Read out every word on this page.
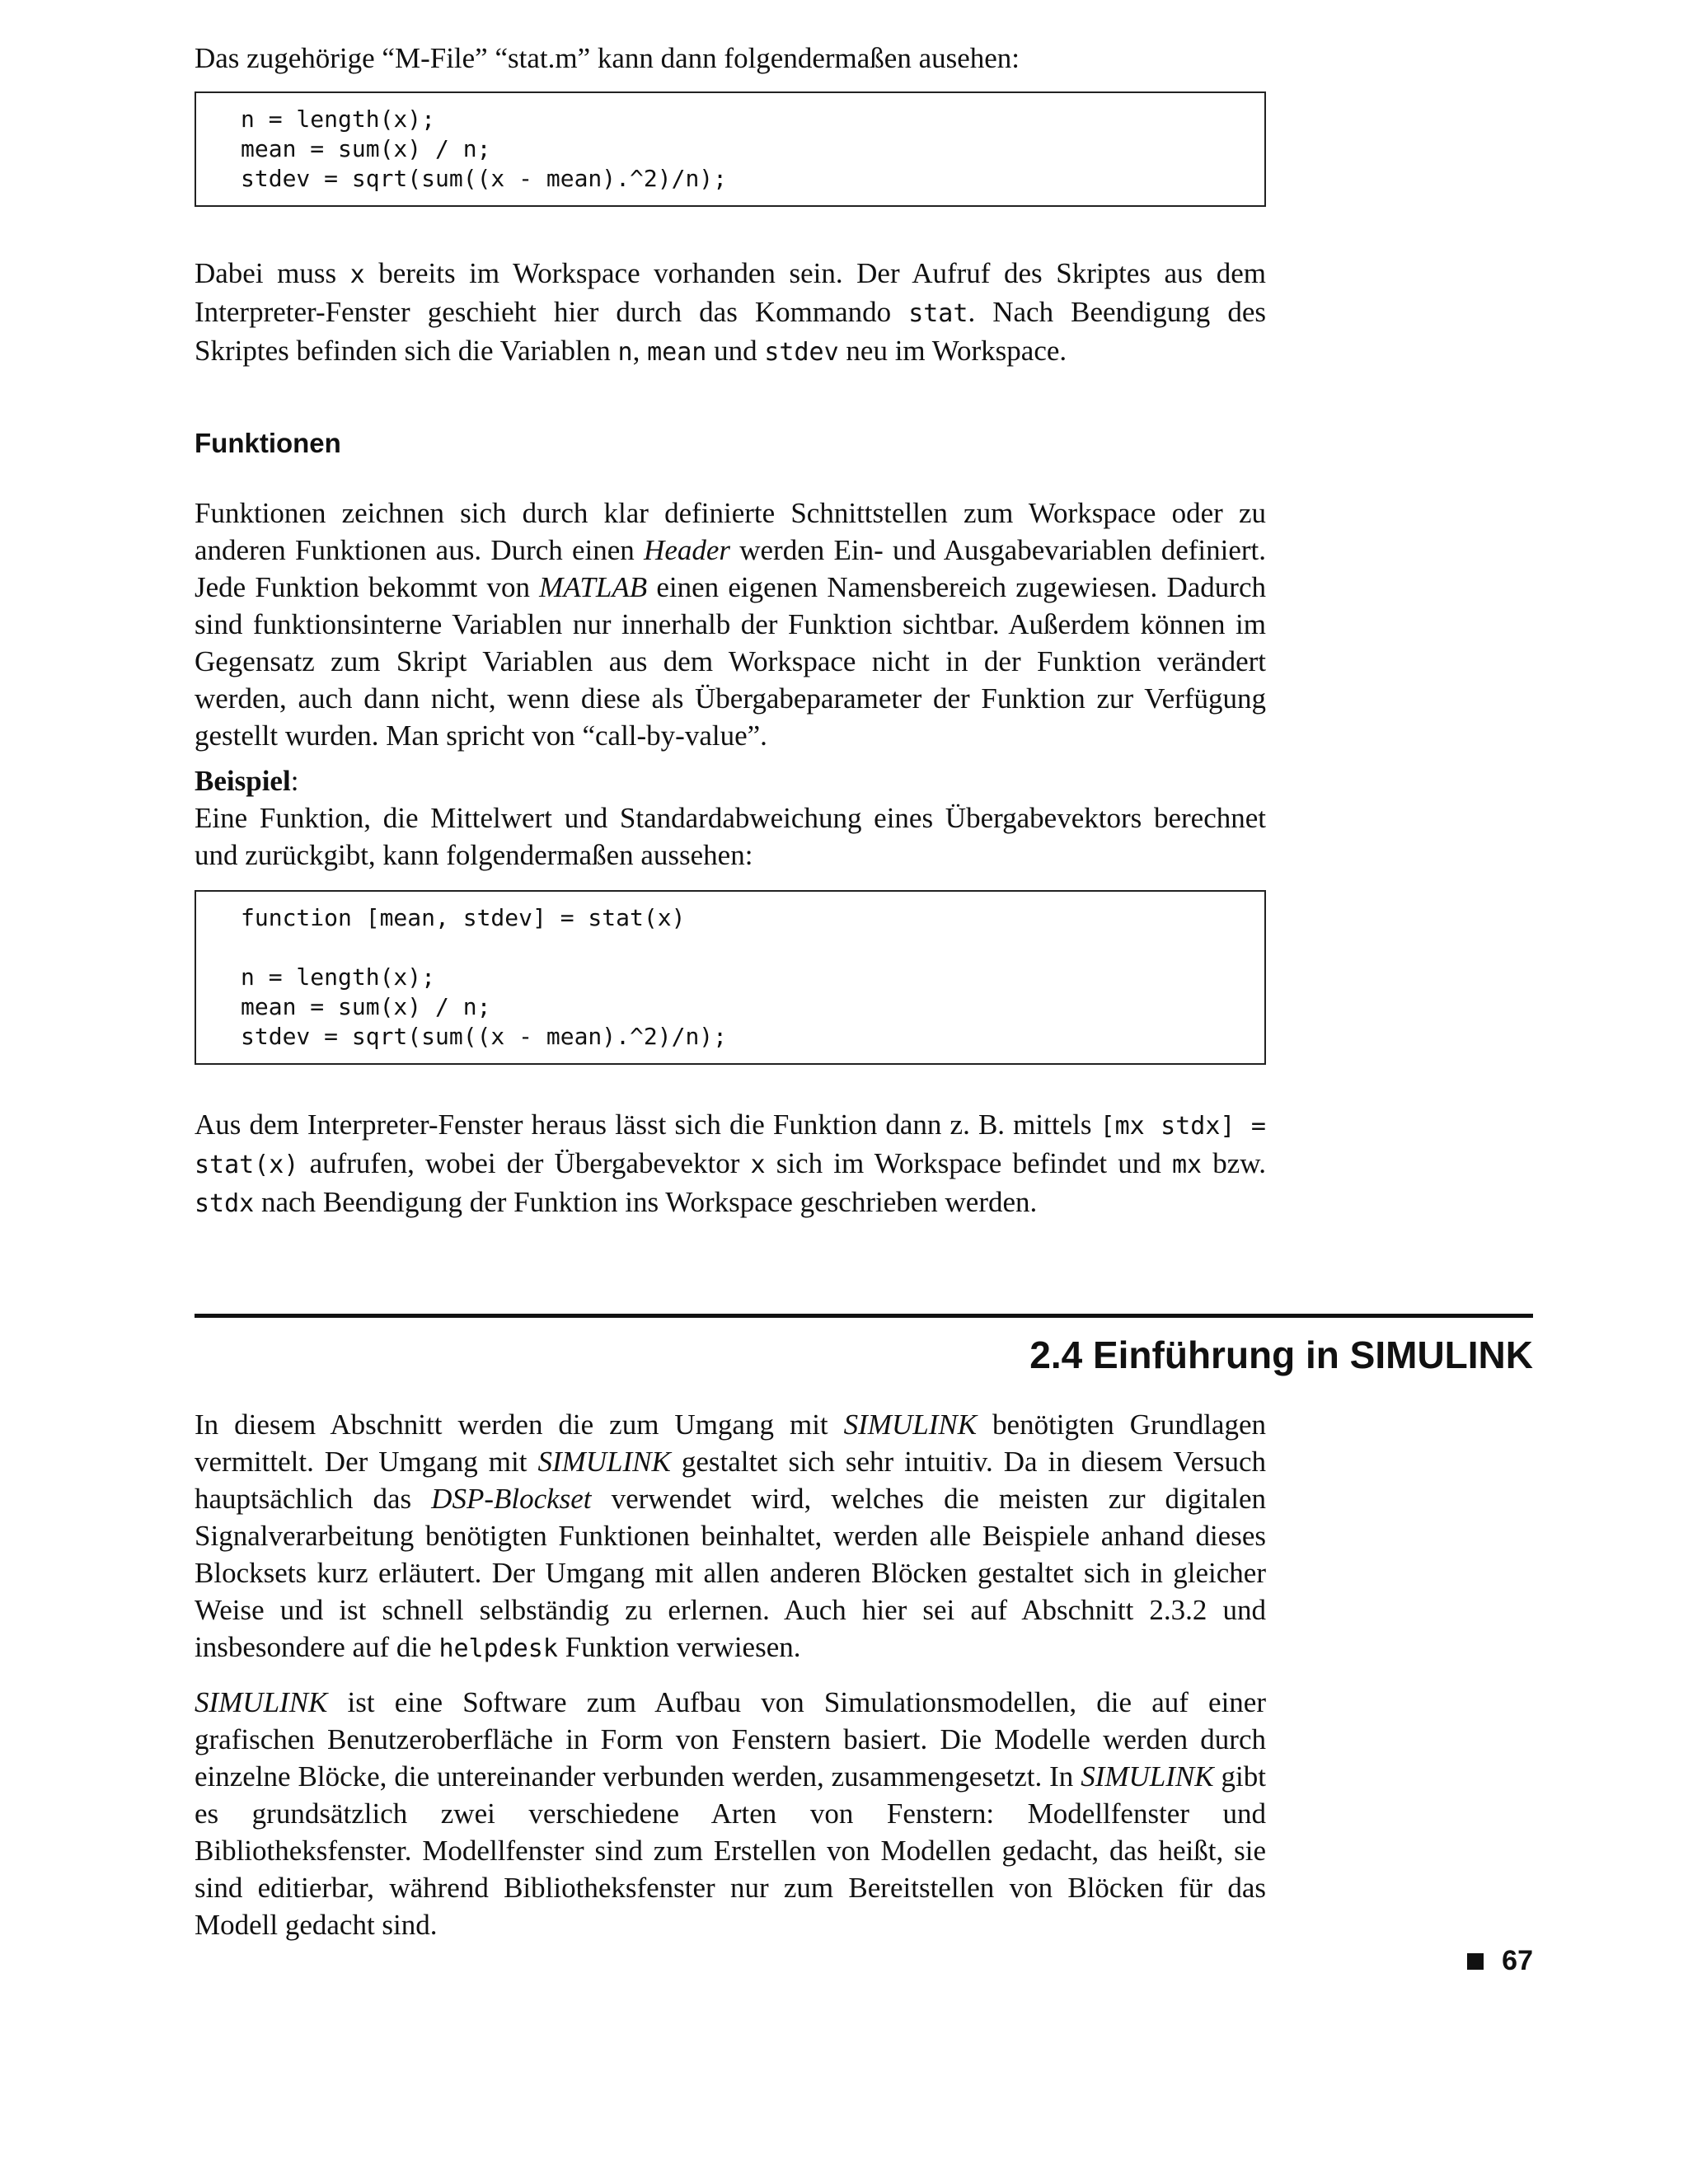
Das zugehörige “M-File” “stat.m” kann dann folgendermaßen ausehen:

n = length(x);
mean = sum(x) / n;
stdev = sqrt(sum((x - mean).^2)/n);

Dabei muss x bereits im Workspace vorhanden sein. Der Aufruf des Skriptes aus dem Interpreter-Fenster geschieht hier durch das Kommando stat. Nach Beendigung des Skriptes befinden sich die Variablen n, mean und stdev neu im Workspace.

Funktionen

Funktionen zeichnen sich durch klar definierte Schnittstellen zum Workspace oder zu anderen Funktionen aus. Durch einen Header werden Ein- und Ausgabevariablen definiert. Jede Funktion bekommt von MATLAB einen eigenen Namensbereich zugewiesen. Dadurch sind funktionsinterne Variablen nur innerhalb der Funktion sichtbar. Außerdem können im Gegensatz zum Skript Variablen aus dem Workspace nicht in der Funktion verändert werden, auch dann nicht, wenn diese als Übergabeparameter der Funktion zur Verfügung gestellt wurden. Man spricht von “call-by-value”.

Beispiel:
Eine Funktion, die Mittelwert und Standardabweichung eines Übergabevektors berechnet und zurückgibt, kann folgendermaßen aussehen:

function [mean, stdev] = stat(x)
n = length(x);
mean = sum(x) / n;
stdev = sqrt(sum((x - mean).^2)/n);

Aus dem Interpreter-Fenster heraus lässt sich die Funktion dann z. B. mittels [mx stdx] = stat(x) aufrufen, wobei der Übergabevektor x sich im Workspace befindet und mx bzw. stdx nach Beendigung der Funktion ins Workspace geschrieben werden.

2.4 Einführung in SIMULINK

In diesem Abschnitt werden die zum Umgang mit SIMULINK benötigten Grundlagen vermittelt. Der Umgang mit SIMULINK gestaltet sich sehr intuitiv. Da in diesem Versuch hauptsächlich das DSP-Blockset verwendet wird, welches die meisten zur digitalen Signalverarbeitung benötigten Funktionen beinhaltet, werden alle Beispiele anhand dieses Blocksets kurz erläutert. Der Umgang mit allen anderen Blöcken gestaltet sich in gleicher Weise und ist schnell selbständig zu erlernen. Auch hier sei auf Abschnitt 2.3.2 und insbesondere auf die helpdesk Funktion verwiesen.

SIMULINK ist eine Software zum Aufbau von Simulationsmodellen, die auf einer grafischen Benutzeroberfläche in Form von Fenstern basiert. Die Modelle werden durch einzelne Blöcke, die untereinander verbunden werden, zusammengesetzt. In SIMULINK gibt es grundsätzlich zwei verschiedene Arten von Fenstern: Modellfenster und Bibliotheksfenster. Modellfenster sind zum Erstellen von Modellen gedacht, das heißt, sie sind editierbar, während Bibliotheksfenster nur zum Bereitstellen von Blöcken für das Modell gedacht sind.

67
